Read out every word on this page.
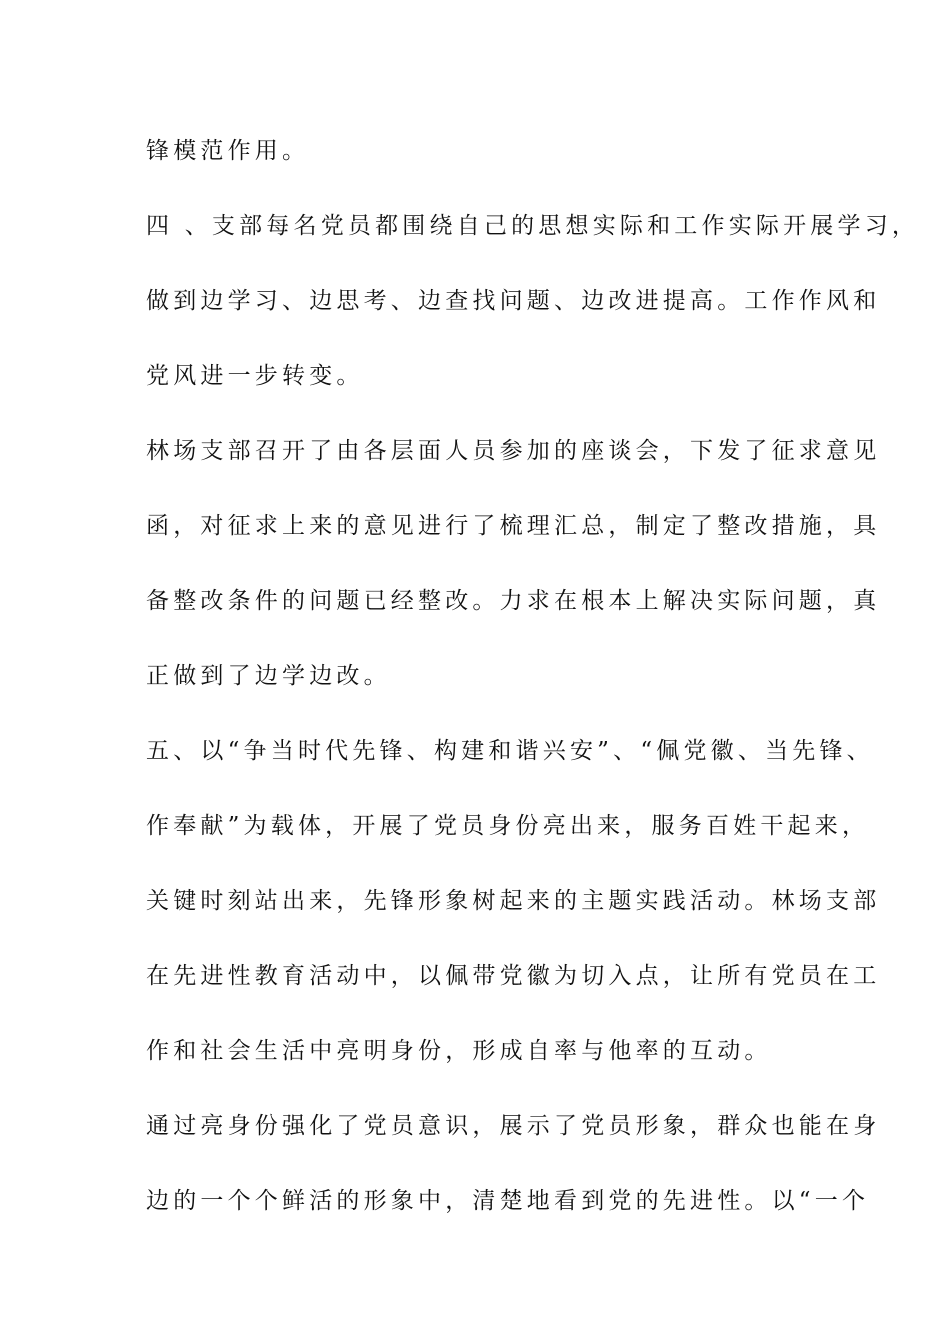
锋模范作用。
四 、支部每名党员都围绕自己的思想实际和工作实际开展学习，
做到边学习、边思考、边查找问题、边改进提高。工作作风和
党风进一步转变。
林场支部召开了由各层面人员参加的座谈会，下发了征求意见
函，对征求上来的意见进行了梳理汇总，制定了整改措施，具
备整改条件的问题已经整改。力求在根本上解决实际问题，真
正做到了边学边改。
五、以“争当时代先锋、构建和谐兴安”、“佩党徽、当先锋、
作奉献”为载体，开展了党员身份亮出来，服务百姓干起来，
关键时刻站出来，先锋形象树起来的主题实践活动。林场支部
在先进性教育活动中，以佩带党徽为切入点，让所有党员在工
作和社会生活中亮明身份，形成自率与他率的互动。
通过亮身份强化了党员意识，展示了党员形象，群众也能在身
边的一个个鲜活的形象中，清楚地看到党的先进性。以“一个
